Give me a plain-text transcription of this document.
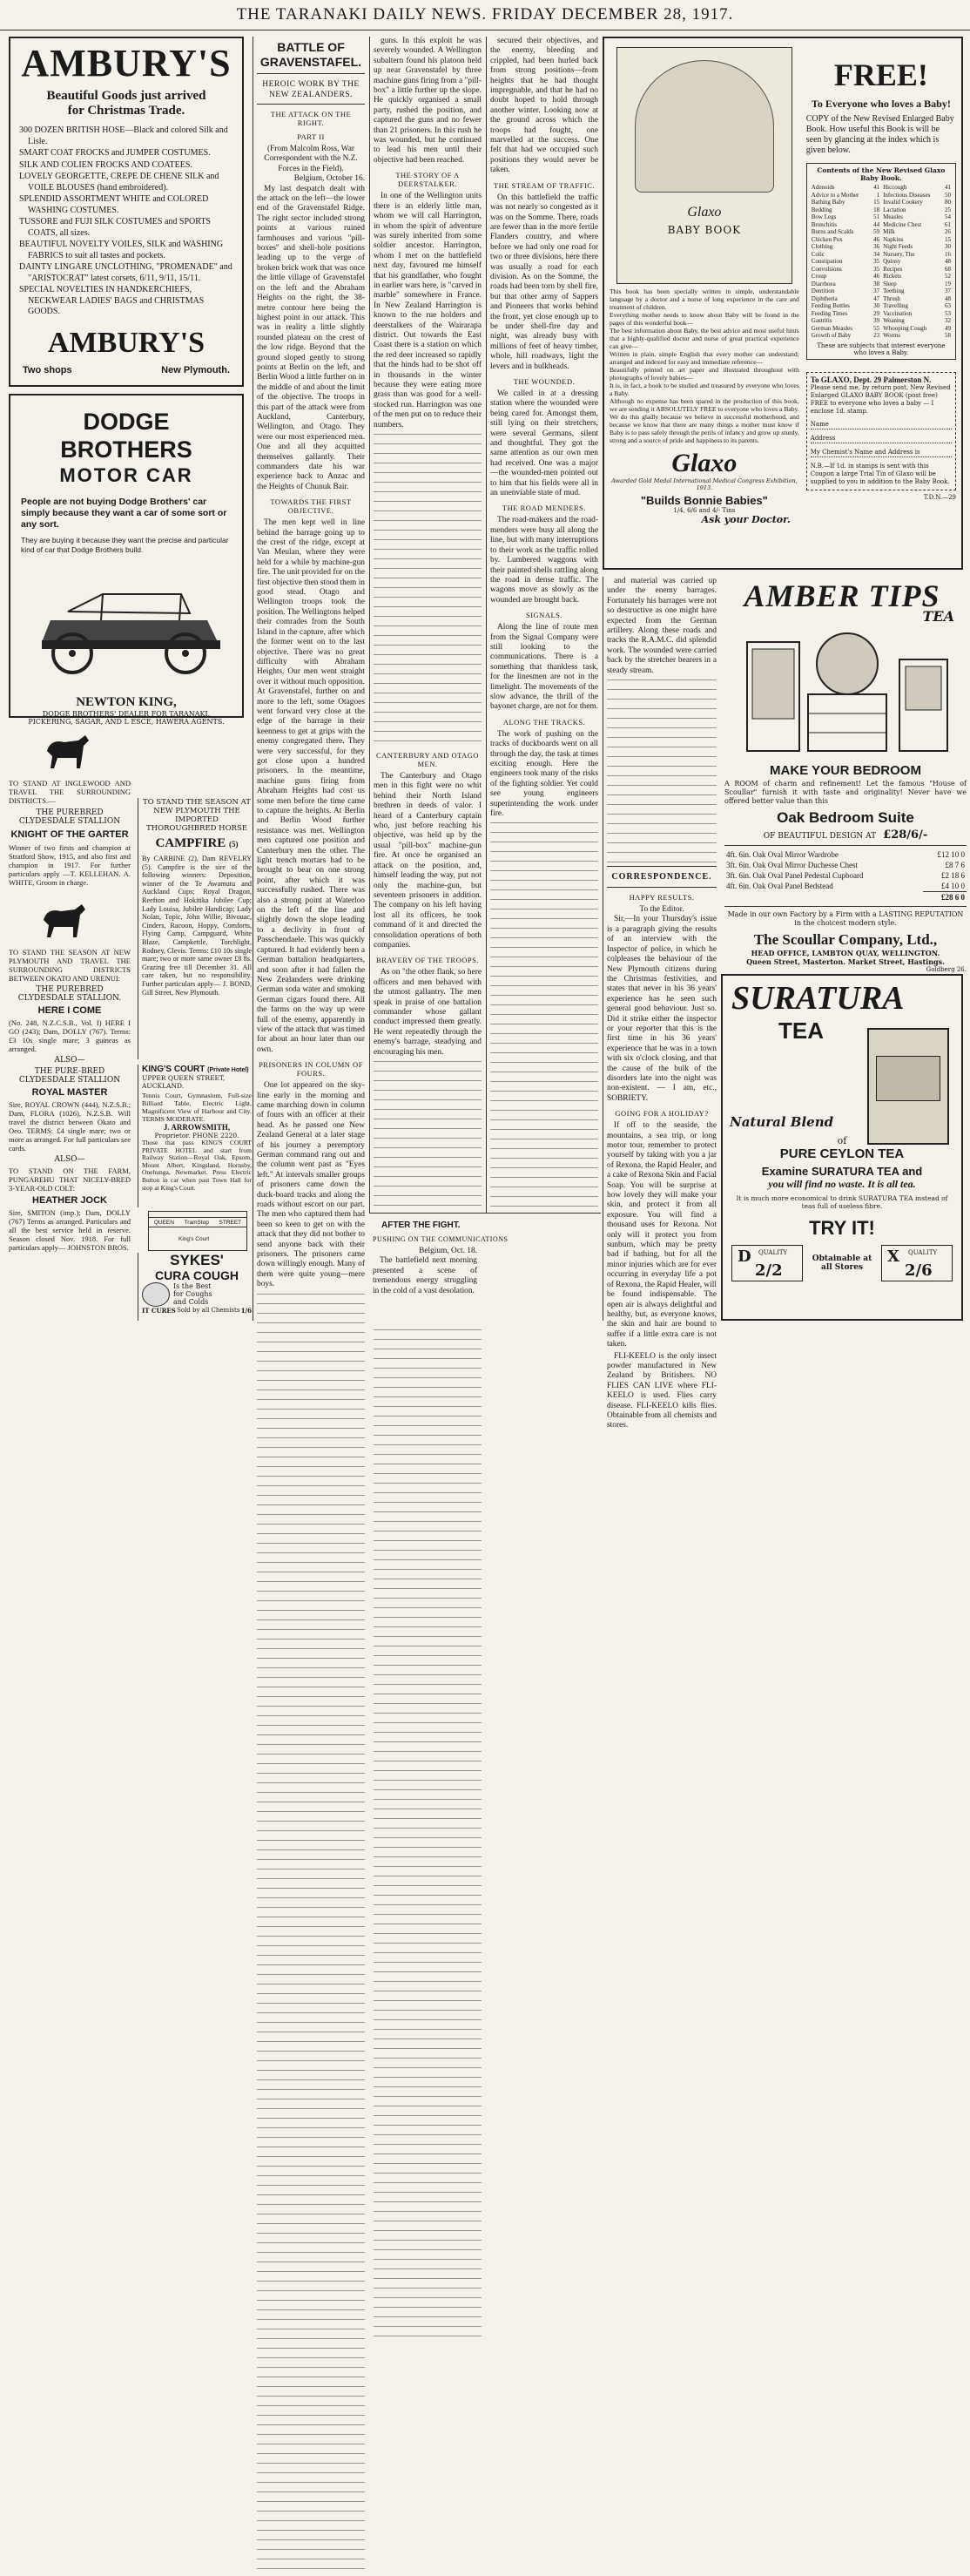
THE TARANAKI DAILY NEWS. FRIDAY DECEMBER 28, 1917.
AMBURY'S
Beautiful Goods just arrived
for Christmas Trade.
300 DOZEN BRITISH HOSE—Black and colored Silk and Lisle.
SMART COAT FROCKS and JUMPER COSTUMES.
SILK AND COLIEN FROCKS AND COATEES.
LOVELY GEORGETTE, CREPE DE CHENE SILK and VOILE BLOUSES (hand embroidered).
SPLENDID ASSORTMENT WHITE and COLORED WASHING COSTUMES.
TUSSORE and FUJI SILK COSTUMES and SPORTS COATS, all sizes.
BEAUTIFUL NOVELTY VOILES, SILK and WASHING FABRICS to suit all tastes and pockets.
DAINTY LINGARE UNCLOTHING, "PROMENADE" and "ARISTOCRAT" latest corsets, 6/11, 9/11, 15/11.
SPECIAL NOVELTIES IN HANDKERCHIEFS, NECKWEAR LADIES' BAGS and CHRISTMAS GOODS.
AMBURY'S
Two shops	New Plymouth.
DODGE BROTHERS
MOTOR CAR
People are not buying Dodge Brothers' car simply because they want a car of some sort or any sort.
They are buying it because they want the precise and particular kind of car that Dodge Brothers build.
NEWTON KING,
DODGE BROTHERS' DEALER FOR TARANAKI.
PICKERING, SAGAR, AND L ESCE, HAWERA AGENTS.
TO STAND AT INGLEWOOD AND TRAVEL THE SURROUNDING DISTRICTS.—
THE PUREBRED CLYDESDALE STALLION
KNIGHT OF THE GARTER
Winner of two firsts and champion at Stratford Show, 1915, and also first and champion in 1917. For further particulars apply —T. KELLEHAN. A. WHITE, Groom in charge.
TO STAND THE SEASON AT NEW PLYMOUTH AND TRAVEL THE SURROUNDING DISTRICTS BETWEEN OKATO AND URENUI:
THE PUREBRED CLYDESDALE STALLION.
HERE I COME
(No. 248, N.Z.C.S.B., Vol. I) HERE I GO (243); Dam, DOLLY (767). Terms: £3 10s single mare; 3 guineas as arranged.
ALSO—
THE PURE-BRED CLYDESDALE STALLION
ROYAL MASTER
Sire, ROYAL CROWN (444), N.Z.S.B.; Dam, FLORA (1026), N.Z.S.B. Will travel the district between Okato and Oeo. TERMS: £4 single mare; two or more as arranged. For full particulars see cards.
ALSO—
TO STAND ON THE FARM, PUNGAREHU THAT NICELY-BRED 3-YEAR-OLD COLT:
HEATHER JOCK
Sire, SMITON (imp.); Dam, DOLLY (767) Terms as arranged. Particulars and all the best service held in reserve. Season closed Nov. 1918. For full particulars apply— JOHNSTON BROS.
TO STAND THE SEASON AT NEW PLYMOUTH THE IMPORTED THOROUGHBRED HORSE
CAMPFIRE (5)
By CARBINE (2), Dam REVELRY (5). Campfire is the sire of the following winners: Deposition, winner of the Te Awamutu and Auckland Cups; Royal Dragon, Reefton and Hokitika Jubilee Cup; Lady Louisa, Jubilee Handicap; Lady Nolan, Topic, John Willie, Bivouac, Cinders, Racoon, Hoppy, Comforts, Flying Camp, Campguard, White Blaze, Campkettle, Torchlight, Rodney, Clevis. Terms: £10 10s single mare; two or more same owner £8 8s. Grazing free till December 31. All care taken, but no responsibility. Further particulars apply— J. BOND, Gill Street, New Plymouth.
KING'S COURT (Private Hotel)
UPPER QUEEN STREET, AUCKLAND.
Tennis Court, Gymnasium, Full-size Billiard Table, Electric Light, Magnificent View of Harbour and City. TERMS MODERATE.
J. ARROWSMITH,
Proprietor. PHONE 2220.
Those that pass KING'S COURT PRIVATE HOTEL and start from Railway Station—Royal Oak, Epsom, Mount Albert, Kingsland, Hornsby, Onehunga, Newmarket. Press Electric Button in car when past Town Hall for stop at King's Court.
QUEEN TramStop STREET
King's Court
SYKES'
CURA COUGH
Is the Best
for Coughs
and Colds
IT CURES Sold by all Chemists 1/6
BATTLE OF GRAVENSTAFEL.
HEROIC WORK BY THE NEW ZEALANDERS.
THE ATTACK ON THE RIGHT.
PART II
(From Malcolm Ross, War Correspondent with the N.Z. Forces in the Field).
Belgium, October 16.

My last despatch dealt with the attack on the left—the lower end of the Gravenstafel Ridge. The right sector included strong points at various ruined farmhouses and various "pill-boxes" and shell-hole positions leading up to the verge of broken brick work that was once the little village of Gravenstafel on the left and the Abraham Heights on the right, the 38-metre contour here being the highest point in our attack. This was in reality a little slightly rounded plateau on the crest of the low ridge. Beyond that the ground sloped gently to strong points at Berlin on the left, and Berlin Wood a little further on in the middle of and about the limit of the objective. The troops in this part of the attack were from Auckland, Canterbury, Wellington, and Otago. They were our most experienced men. One and all they acquitted themselves gallantly. Their commanders date his war experience back to Anzac and the Heights of Chunuk Bair.

TOWARDS THE FIRST OBJECTIVE.

The men kept well in line behind the barrage going up to the crest of the ridge, except at Van Meulan, where they were held for a while by machine-gun fire. The unit provided for on the first objective then stood them in good stead. Otago and Wellington troops took the position. The Wellingtons helped their comrades from the South Island in the capture, after which the former went on to the last objective. There was no great difficulty with Abraham Heights. Our men went straight over it without much opposition. At Gravenstafel, further on and more to the left, some Otagoes went forward very close at the edge of the barrage in their keenness to get at grips with the enemy congregated there. They were very successful, for they got close upon a hundred prisoners. In the meantime, machine guns firing from Abraham Heights had cost us some men before the time came to capture the heights. At Berlin and Berlin Wood further resistance was met. Wellington men captured one position and Canterbury men the other. The light trench mortars had to be brought to bear on one strong point, after which it was successfully rushed. There was also a strong point at Waterloo on the left of the line and slightly down the slope leading to a declivity in front of Passchendaele. This was quickly captured. It had evidently been a German battalion headquarters, and soon after it had fallen the New Zealanders were drinking German soda water and smoking German cigars found there. All the farms on the way up were full of the enemy, apparently in view of the attack that was timed for about an hour later than our own.

PRISONERS IN COLUMN OF FOURS.

One lot appeared on the sky-line early in the morning and came marching down in column of fours with an officer at their head. As he passed one New Zealand General at a later stage of his journey a peremptory German command rang out and the column went past as "Eyes left." At intervals smaller groups of prisoners came down the duck-board tracks and along the roads without escort on our part. The men who captured them had been so keen to get on with the attack that they did not bother to send anyone back with their prisoners. The prisoners came down willingly enough. Many of them were quite young—mere boys.

guns. In this exploit he was severely wounded. A Wellington subaltern found his platoon held up near Gravenstafel by three machine guns firing from a "pill-box" a little further up the slope. He quickly organised a small party, rushed the position, and captured the guns and no fewer than 21 prisoners. In this rush he was wounded, but he continued to lead his men until their objective had been reached.

THE STORY OF A DEERSTALKER.

In one of the Wellington units there is an elderly little man, whom we will call Harrington, in whom the spirit of adventure was surely inherited from some soldier ancestor. Harrington, whom I met on the battlefield next day, favoured me himself that his grandfather, who fought in earlier wars here, is "carved in marble" somewhere in France. In New Zealand Harrington is known to the rue holders and deerstalkers of the Wairarapa district. Out towards the East Coast there is a station on which the red deer increased so rapidly that the hinds had to be shot off in thousands in the winter because they were eating more grass than was good for a well-stocked run. Harrington was one of the men put on to reduce their numbers.

CANTERBURY AND OTAGO MEN.

The Canterbury and Otago men in this fight were no whit behind their North Island brethren in deeds of valor. I heard of a Canterbury captain who, just before reaching his objective, was held up by the usual "pill-box" machine-gun fire. At once he organised an attack on the position, and, himself leading the way, put not only the machine-gun, but seventeen prisoners in addition. The company on his left having lost all its officers, he took command of it and directed the consolidation operations of both companies.

BRAVERY OF THE TROOPS.

As on "the other flank, so here officers and men behaved with the utmost gallantry. The men speak in praise of one battalion commander whose gallant conduct impressed them greatly. He went repeatedly through the enemy's barrage, steadying and encouraging his men.

secured their objectives, and the enemy, bleeding and crippled, had been hurled back from strong positions—from heights that he had thought impregnable, and that he had no doubt hoped to hold through another winter. Looking now at the ground across which the troops had fought, one marvelled at the success. One felt that had we occupied such positions they would never be taken.

THE STREAM OF TRAFFIC.

On this battlefield the traffic was not nearly so congested as it was on the Somme. There, roads are fewer than in the more fertile Flanders country, and where before we had only one road for two or three divisions, here there was usually a road for each division. As on the Somme, the roads had been torn by shell fire, but that other army of Sappers and Pioneers that works behind the front, yet close enough up to be under shell-fire day and night, was already busy with millions of feet of heavy timber, whole, hill roadways, light the levers and in bulkheads.

THE WOUNDED.

We called in at a dressing station where the wounded were being cared for. Amongst them, still lying on their stretchers, were several Germans, silent and thoughtful. They got the same attention as our own men had received. One was a major—the wounded-men pointed out to him that his fields were all in an unenviable state of mud.

THE ROAD MENDERS.

The road-makers and the road-menders were busy all along the line, but with many interruptions to their work as the traffic rolled by. Lumbered waggons with their painted shells rattling along the road in dense traffic. The wagons move as slowly as the wounded are brought back.

SIGNALS.

Along the line of route men from the Signal Company were still looking to the communications. There is a something that thankless task, for the linesmen are not in the limelight. The movements of the slow advance, the thrill of the bayonet charge, are not for them.

ALONG THE TRACKS.

The work of pushing on the tracks of duckboards went on all through the day, the task at times exciting enough. Here the engineers took many of the risks of the fighting soldier. Yet could see young engineers superintending the work under fire.

AFTER THE FIGHT.
PUSHING ON THE COMMUNICATIONS
Belgium, Oct. 18.

The battlefield next morning presented a scene of tremendous energy struggling in the cold of a vast desolation.

and material was carried up under the enemy barrages. Fortunately his barrages were not so destructive as one might have expected from the German artillery. Along these roads and tracks the R.A.M.C. did splendid work. The wounded were carried back by the stretcher bearers in a steady stream.

CORRESPONDENCE.
HAPPY RESULTS.
To the Editor.

Sir,—In your Thursday's issue is a paragraph giving the results of an interview with the Inspector of police, in which he colpleases the behaviour of the New Plymouth citizens during the Christmas festivities, and states that never in his 36 years' experience has he seen such general good behaviour. Just so. Did it strike either the inspector or your reporter that this is the first time in his 36 years' experience that he was in a town with six o'clock closing, and that the cause of the bulk of the disorders late into the night was non-existent. — I am, etc., SOBRIETY.

GOING FOR A HOLIDAY?

If off to the seaside, the mountains, a sea trip, or long motor tour, remember to protect yourself by taking with you a jar of Rexona, the Rapid Healer, and a cake of Rexona Skin and Facial Soap. You will be surprise at how lovely they will make your skin, and protect it from all exposure. You will find a thousand uses for Rexona. Not only will it protect you from sunburn, which may be pretty bad if bathing, but for all the minor injuries which are for ever occurring in everyday life a pot of Rexona, the Rapid Healer, will be found indispensable. The open air is always delightful and healthy, but, as everyone knows, the skin and hair are bound to suffer if a little extra care is not taken.

FLI-KEELO is the only insect powder manufactured in New Zealand by Britishers. NO FLIES CAN LIVE where FLI-KEELO is used. Flies carry disease. FLI-KEELO kills flies. Obtainable from all chemists and stores.

Glaxo
BABY BOOK
This book has been specially written in simple, understandable language by a doctor and a nurse of long experience in the care and treatment of children.
Everything mother needs to know about Baby will be found in the pages of this wonderful book—
The best information about Baby, the best advice and most useful hints that a highly-qualified doctor and nurse of great practical experience can give—
Written in plain, simple English that every mother can understand; arranged and indexed for easy and immediate reference—
Beautifully printed on art paper and illustrated throughout with photographs of lovely babies—
It is, in fact, a book to be studied and treasured by everyone who loves a Baby.
Although no expense has been spared in the production of this book, we are sending it ABSOLUTELY FREE to everyone who loves a Baby. We do this gladly because we believe in successful motherhood, and because we know that there are many things a mother must know if Baby is to pass safely through the perils of infancy and grow up sturdy, strong and a source of pride and happiness to its parents.
Glaxo
Awarded Gold Medal International Medical Congress Exhibition, 1913.
"Builds Bonnie Babies"
1/4, 6/6 and 4/- Tins
Ask your Doctor.
FREE!
To Everyone who loves a Baby!
COPY of the New Revised Enlarged Baby Book. How useful this Book is will be seen by glancing at the index which is given below.
Contents of the New Revised Glaxo Baby Book.
Adenoids	41	Hiccough	41
Advice to a Mother	1	Infectious Diseases	50
Bathing Baby	15	Invalid Cookery	80
Bedding	18	Lactation	25
Bow Legs	51	Measles	54
Bronchitis	44	Medicine Chest	61
Burns and Scalds	59	Milk	26
Chicken Pox	46	Napkins	15
Clothing	36	Night Feeds	30
Colic	34	Nursery, The	16
Constipation	35	Quinsy	48
Convulsions	35	Recipes	68
Croup	46	Rickets	52
Diarrhoea	38	Sleep	19
Dentition	37	Teething	37
Diphtheria	47	Thrush	48
Feeding Bottles	30	Travelling	63
Feeding Times	29	Vaccination	53
Gastritis	39	Weaning	32
German Measles	55	Whooping Cough	49
Growth of Baby	23	Worms	58
These are subjects that interest everyone who loves a Baby.
To GLAXO, Dept. 29 Palmerston N.
Please send me, by return post, New Revised Enlarged GLAXO BABY BOOK (post free) FREE to everyone who loves a baby — I enclose 1d. stamp.
Name
Address
My Chemist's Name and Address is
N.B.—If 1d. in stamps is sent with this Coupon a large Trial Tin of Glaxo will be supplied to you in addition to the Baby Book.
T.D.N.—29
AMBER TIPS
TEA
MAKE YOUR BEDROOM
A ROOM of charm and refinement! Let the famous "House of Scoullar" furnish it with taste and originality! Never have we offered better value than this
Oak Bedroom Suite
OF BEAUTIFUL DESIGN AT £28/6/-
4ft. 6in. Oak Oval Mirror Wardrobe	£12 10 0
3ft. 6in. Oak Oval Mirror Duchesse Chest	£8 7 6
3ft. 6in. Oak Oval Panel Pedestal Cupboard	£2 18 6
4ft. 6in. Oak Oval Panel Bedstead	£4 10 0
	£28 6 0
Made in our own Factory by a Firm with a LASTING REPUTATION in the choicest modern style.
The Scoullar Company, Ltd.,
HEAD OFFICE, LAMBTON QUAY, WELLINGTON.
Queen Street, Masterton. Market Street, Hastings.
Goldberg 26.
SURATURA
TEA
Natural Blend
of
PURE CEYLON TEA
Examine SURATURA TEA and
you will find no waste. It is all tea.
It is much more economical to drink SURATURA TEA instead of teas full of useless fibre.
TRY IT!
D QUALITY
2/2
Obtainable at all Stores
X QUALITY
2/6
